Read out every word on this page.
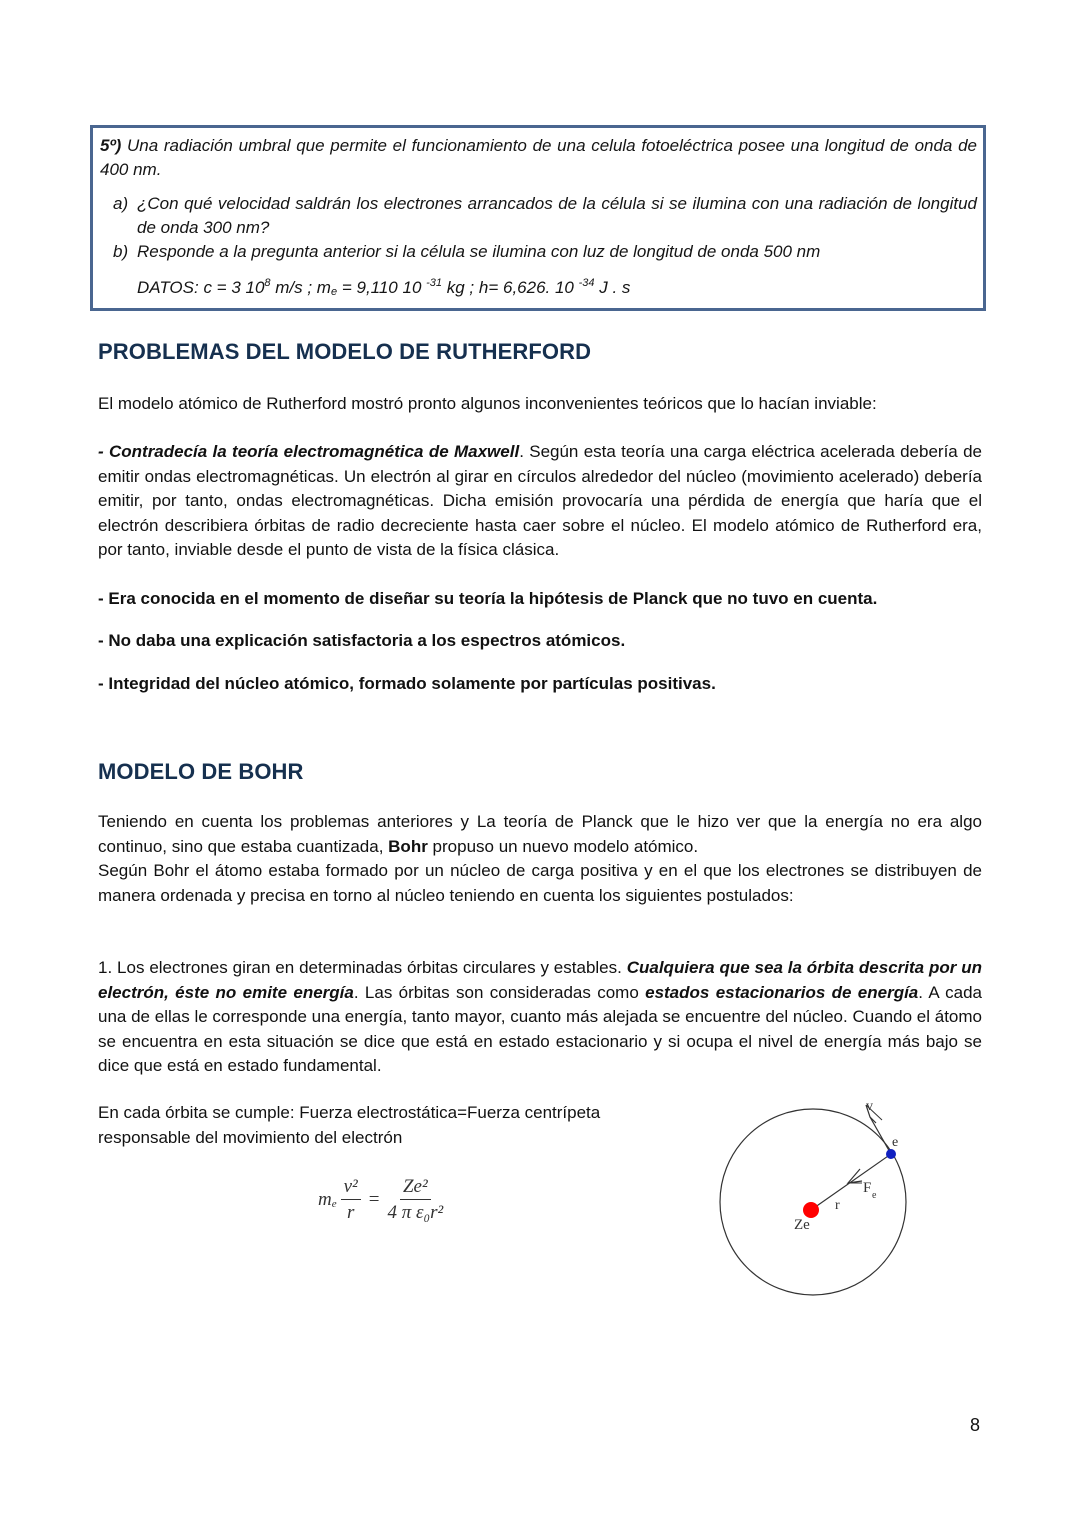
5º) Una radiación umbral que permite el funcionamiento de una celula fotoeléctrica posee una longitud de onda de 400 nm.

a) ¿Con qué velocidad saldrán los electrones arrancados de la célula si se ilumina con una radiación de longitud de onda 300 nm?
b) Responde a la pregunta anterior si la célula se ilumina con luz de longitud de onda 500 nm
DATOS: c = 3 $10^8$ m/s ; $m_e = 9,110$ 10 $^{-31}$ kg ; h= 6,626. 10 $^{-34}$ J . s
PROBLEMAS DEL MODELO DE RUTHERFORD

El modelo atómico de Rutherford mostró pronto algunos inconvenientes teóricos que lo hacían inviable:

- Contradecía la teoría electromagnética de Maxwell. Según esta teoría una carga eléctrica acelerada debería de emitir ondas electromagnéticas. Un electrón al girar en círculos alrededor del núcleo (movimiento acelerado) debería emitir, por tanto, ondas electromagnéticas. Dicha emisión provocaría una pérdida de energía que haría que el electrón describiera órbitas de radio decreciente hasta caer sobre el núcleo. El modelo atómico de Rutherford era, por tanto, inviable desde el punto de vista de la física clásica.

- Era conocida en el momento de diseñar su teoría la hipótesis de Planck que no tuvo en cuenta.

- No daba una explicación satisfactoria a los espectros atómicos.

- Integridad del núcleo atómico, formado solamente por partículas positivas.

MODELO DE BOHR

Teniendo en cuenta los problemas anteriores y La teoría de Planck que le hizo ver que la energía no era algo continuo, sino que estaba cuantizada, Bohr propuso un nuevo modelo atómico.
Según Bohr el átomo estaba formado por un núcleo de carga positiva y en el que los electrones se distribuyen de manera ordenada y precisa en torno al núcleo teniendo en cuenta los siguientes postulados:

1. Los electrones giran en determinadas órbitas circulares y estables. Cualquiera que sea la órbita descrita por un electrón, éste no emite energía. Las órbitas son consideradas como estados estacionarios de energía. A cada una de ellas le corresponde una energía, tanto mayor, cuanto más alejada se encuentre del núcleo. Cuando el átomo se encuentra en esta situación se dice que está en estado estacionario y si ocupa el nivel de energía más bajo se dice que está en estado fundamental.

En cada órbita se cumple: Fuerza electrostática=Fuerza centrípeta responsable del movimiento del electrón

$m_e \frac{\text{v²}}{r} = \frac{\text{Ze²}}{\text{4 π ε₀r²}}$
v
e
F e
r
Ze
8
